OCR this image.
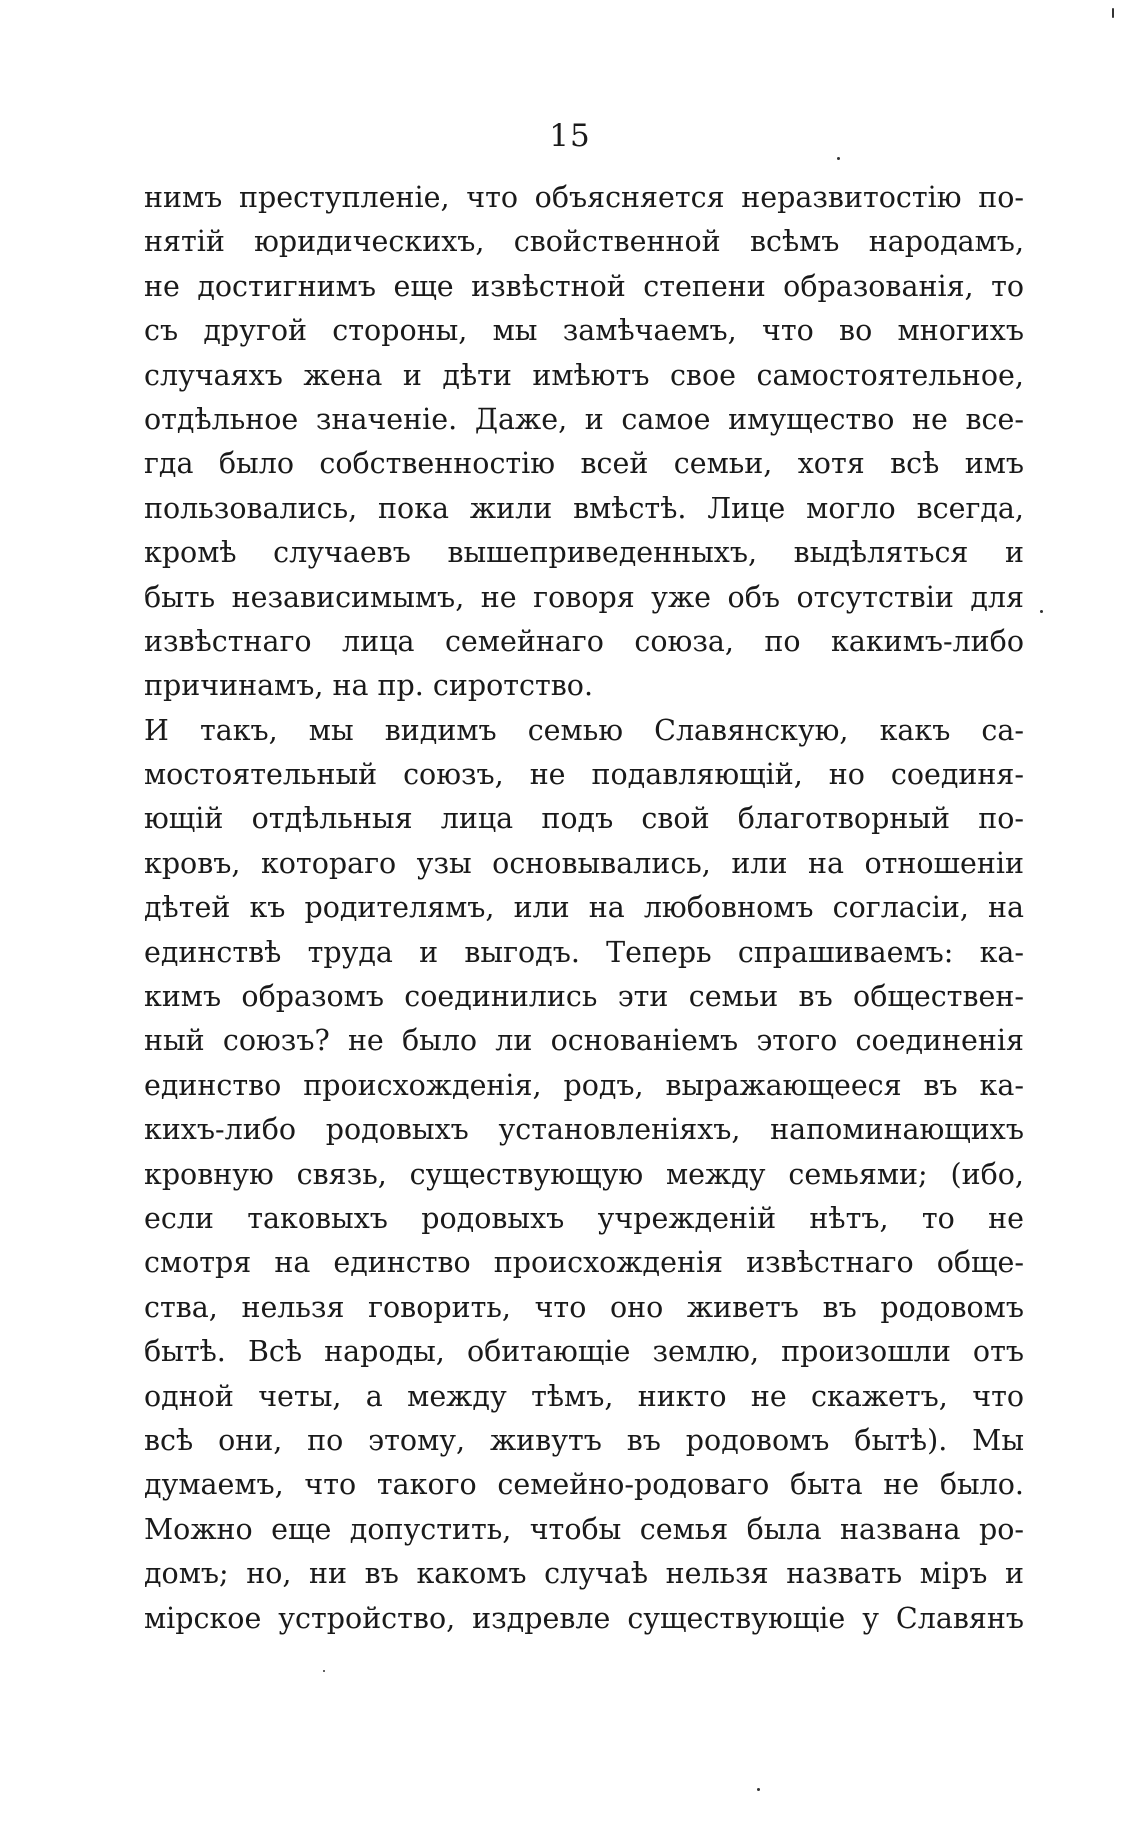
15
нимъ преступленіе, что объясняется неразвитостію по-
нятій юридическихъ, свойственной всѣмъ народамъ,
не достигнимъ еще извѣстной степени образованія, то
съ другой стороны, мы замѣчаемъ, что во многихъ
случаяхъ жена и дѣти имѣютъ свое самостоятельное,
отдѣльное значеніе. Даже, и самое имущество не все-
гда было собственностію всей семьи, хотя всѣ имъ
пользовались, пока жили вмѣстѣ. Лице могло всегда,
кромѣ случаевъ вышеприведенныхъ, выдѣляться и
быть независимымъ, не говоря уже объ отсутствіи для
извѣстнаго лица семейнаго союза, по какимъ-либо
причинамъ, на пр. сиротство.
И такъ, мы видимъ семью Славянскую, какъ са-
мостоятельный союзъ, не подавляющій, но соединя-
ющій отдѣльныя лица подъ свой благотворный по-
кровъ, котораго узы основывались, или на отношеніи
дѣтей къ родителямъ, или на любовномъ согласіи, на
единствѣ труда и выгодъ. Теперь спрашиваемъ: ка-
кимъ образомъ соединились эти семьи въ обществен-
ный союзъ? не было ли основаніемъ этого соединенія
единство происхожденія, родъ, выражающееся въ ка-
кихъ-либо родовыхъ установленіяхъ, напоминающихъ
кровную связь, существующую между семьями; (ибо,
если таковыхъ родовыхъ учрежденій нѣтъ, то не
смотря на единство происхожденія извѣстнаго обще-
ства, нельзя говорить, что оно живетъ въ родовомъ
бытѣ. Всѣ народы, обитающіе землю, произошли отъ
одной четы, а между тѣмъ, никто не скажетъ, что
всѣ они, по этому, живутъ въ родовомъ бытѣ). Мы
думаемъ, что такого семейно-родоваго быта не было.
Можно еще допустить, чтобы семья была названа ро-
домъ; но, ни въ какомъ случаѣ нельзя назвать міръ и
мірское устройство, издревле существующіе у Славянъ
